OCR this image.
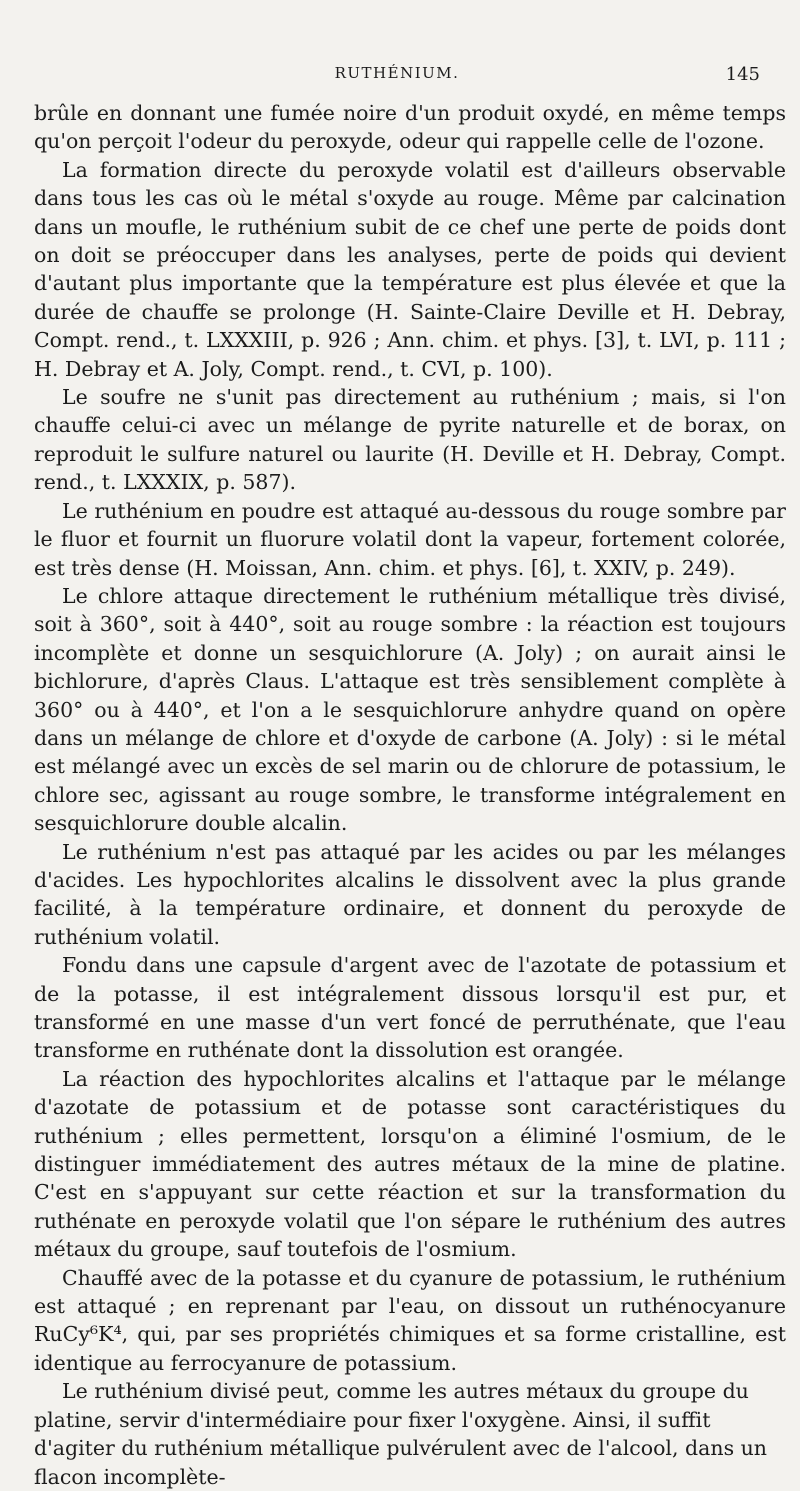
RUTHÉNIUM.	145

brûle en donnant une fumée noire d'un produit oxydé, en même temps qu'on perçoit l'odeur du peroxyde, odeur qui rappelle celle de l'ozone.

La formation directe du peroxyde volatil est d'ailleurs observable dans tous les cas où le métal s'oxyde au rouge. Même par calcination dans un moufle, le ruthénium subit de ce chef une perte de poids dont on doit se préoccuper dans les analyses, perte de poids qui devient d'autant plus importante que la température est plus élevée et que la durée de chauffe se prolonge (H. Sainte-Claire Deville et H. Debray, Compt. rend., t. LXXXIII, p. 926 ; Ann. chim. et phys. [3], t. LVI, p. 111 ; H. Debray et A. Joly, Compt. rend., t. CVI, p. 100).

Le soufre ne s'unit pas directement au ruthénium ; mais, si l'on chauffe celui-ci avec un mélange de pyrite naturelle et de borax, on reproduit le sulfure naturel ou laurite (H. Deville et H. Debray, Compt. rend., t. LXXXIX, p. 587).

Le ruthénium en poudre est attaqué au-dessous du rouge sombre par le fluor et fournit un fluorure volatil dont la vapeur, fortement colorée, est très dense (H. Moissan, Ann. chim. et phys. [6], t. XXIV, p. 249).

Le chlore attaque directement le ruthénium métallique très divisé, soit à 360°, soit à 440°, soit au rouge sombre : la réaction est toujours incomplète et donne un sesquichlorure (A. Joly) ; on aurait ainsi le bichlorure, d'après Claus. L'attaque est très sensiblement complète à 360° ou à 440°, et l'on a le sesquichlorure anhydre quand on opère dans un mélange de chlore et d'oxyde de carbone (A. Joly) : si le métal est mélangé avec un excès de sel marin ou de chlorure de potassium, le chlore sec, agissant au rouge sombre, le transforme intégralement en sesquichlorure double alcalin.

Le ruthénium n'est pas attaqué par les acides ou par les mélanges d'acides. Les hypochlorites alcalins le dissolvent avec la plus grande facilité, à la température ordinaire, et donnent du peroxyde de ruthénium volatil.

Fondu dans une capsule d'argent avec de l'azotate de potassium et de la potasse, il est intégralement dissous lorsqu'il est pur, et transformé en une masse d'un vert foncé de perruthénate, que l'eau transforme en ruthénate dont la dissolution est orangée.

La réaction des hypochlorites alcalins et l'attaque par le mélange d'azotate de potassium et de potasse sont caractéristiques du ruthénium ; elles permettent, lorsqu'on a éliminé l'osmium, de le distinguer immédiatement des autres métaux de la mine de platine. C'est en s'appuyant sur cette réaction et sur la transformation du ruthénate en peroxyde volatil que l'on sépare le ruthénium des autres métaux du groupe, sauf toutefois de l'osmium.

Chauffé avec de la potasse et du cyanure de potassium, le ruthénium est attaqué ; en reprenant par l'eau, on dissout un ruthénocyanure RuCy⁶K⁴, qui, par ses propriétés chimiques et sa forme cristalline, est identique au ferrocyanure de potassium.

Le ruthénium divisé peut, comme les autres métaux du groupe du platine, servir d'intermédiaire pour fixer l'oxygène. Ainsi, il suffit d'agiter du ruthénium métallique pulvérulent avec de l'alcool, dans un flacon incomplète-
